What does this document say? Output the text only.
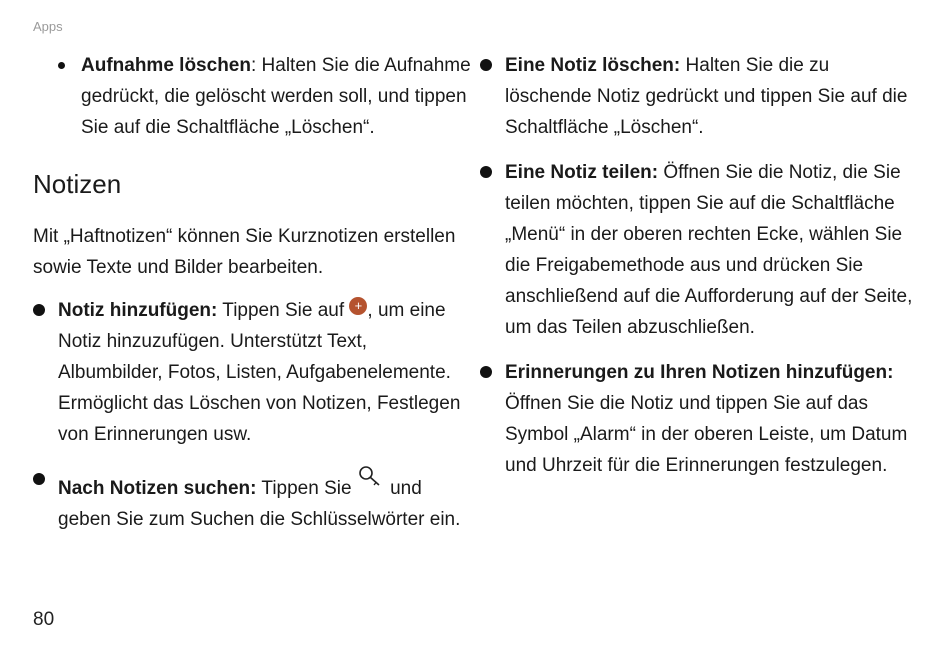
Apps
Aufnahme löschen: Halten Sie die Aufnahme gedrückt, die gelöscht werden soll, und tippen Sie auf die Schaltfläche „Löschen“.
Notizen

Mit „Haftnotizen“ können Sie Kurznotizen erstellen sowie Texte und Bilder bearbeiten.

Notiz hinzufügen: Tippen Sie auf + , um eine Notiz hinzuzufügen. Unterstützt Text, Albumbilder, Fotos, Listen, Aufgabenelemente. Ermöglicht das Löschen von Notizen, Festlegen von Erinnerungen usw.
Nach Notizen suchen: Tippen Sie  und geben Sie zum Suchen die Schlüsselwörter ein.
Eine Notiz löschen: Halten Sie die zu löschende Notiz gedrückt und tippen Sie auf die Schaltfläche „Löschen“.
Eine Notiz teilen: Öffnen Sie die Notiz, die Sie teilen möchten, tippen Sie auf die Schaltfläche „Menü“ in der oberen rechten Ecke, wählen Sie die Freigabemethode aus und drücken Sie anschließend auf die Aufforderung auf der Seite, um das Teilen abzuschließen.
Erinnerungen zu Ihren Notizen hinzufügen: Öffnen Sie die Notiz und tippen Sie auf das Symbol „Alarm“ in der oberen Leiste, um Datum und Uhrzeit für die Erinnerungen festzulegen.
80
